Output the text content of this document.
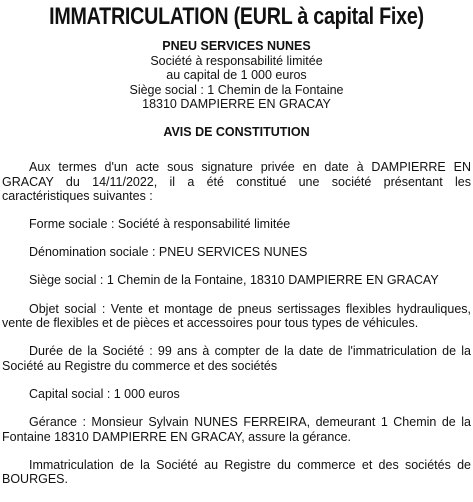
IMMATRICULATION (EURL à capital Fixe)
PNEU SERVICES NUNES
Société à responsabilité limitée
au capital de 1 000 euros
Siège social : 1 Chemin de la Fontaine
18310 DAMPIERRE EN GRACAY
AVIS DE CONSTITUTION

Aux termes d'un acte sous signature privée en date à DAMPIERRE EN GRACAY du 14/11/2022, il a été constitué une société présentant les caractéristiques suivantes :

Forme sociale : Société à responsabilité limitée

Dénomination sociale : PNEU SERVICES NUNES

Siège social : 1 Chemin de la Fontaine, 18310 DAMPIERRE EN GRACAY

Objet social : Vente et montage de pneus sertissages flexibles hydrauliques, vente de flexibles et de pièces et accessoires pour tous types de véhicules.

Durée de la Société : 99 ans à compter de la date de l'immatriculation de la Société au Registre du commerce et des sociétés

Capital social : 1 000 euros

Gérance : Monsieur Sylvain NUNES FERREIRA, demeurant 1 Chemin de la Fontaine 18310 DAMPIERRE EN GRACAY, assure la gérance.

Immatriculation de la Société au Registre du commerce et des sociétés de BOURGES.
